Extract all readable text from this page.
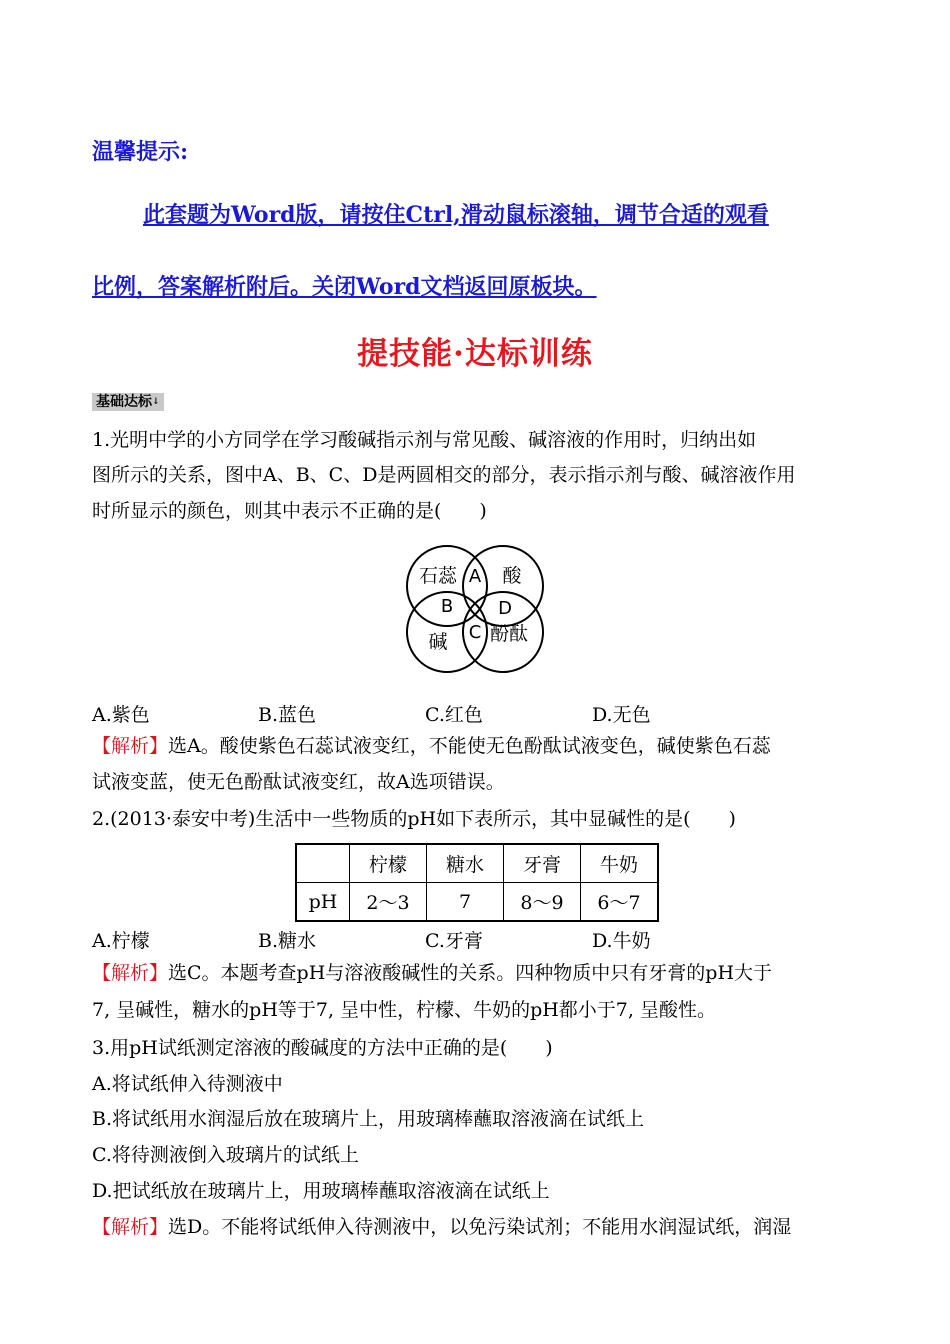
温馨提示:
此套题为Word版，请按住Ctrl,滑动鼠标滚轴，调节合适的观看
比例，答案解析附后。关闭Word文档返回原板块。
提技能·达标训练
基础达标↓
1.光明中学的小方同学在学习酸碱指示剂与常见酸、碱溶液的作用时，归纳出如
图所示的关系，图中A、B、C、D是两圆相交的部分，表示指示剂与酸、碱溶液作用
时所显示的颜色，则其中表示不正确的是(　　)
石蕊 酸
碱 酚酞
A
B
C
D
A.紫色	B.蓝色	C.红色	D.无色
【解析】选A。酸使紫色石蕊试液变红，不能使无色酚酞试液变色，碱使紫色石蕊
试液变蓝，使无色酚酞试液变红，故A选项错误。
2.(2013·泰安中考)生活中一些物质的pH如下表所示，其中显碱性的是(　　)
	柠檬	糖水	牙膏	牛奶
pH	2～3	7	8～9	6～7
A.柠檬	B.糖水	C.牙膏	D.牛奶
【解析】选C。本题考查pH与溶液酸碱性的关系。四种物质中只有牙膏的pH大于
7, 呈碱性，糖水的pH等于7, 呈中性，柠檬、牛奶的pH都小于7, 呈酸性。
3.用pH试纸测定溶液的酸碱度的方法中正确的是(　　)
A.将试纸伸入待测液中
B.将试纸用水润湿后放在玻璃片上，用玻璃棒蘸取溶液滴在试纸上
C.将待测液倒入玻璃片的试纸上
D.把试纸放在玻璃片上，用玻璃棒蘸取溶液滴在试纸上
【解析】选D。不能将试纸伸入待测液中，以免污染试剂；不能用水润湿试纸，润湿
